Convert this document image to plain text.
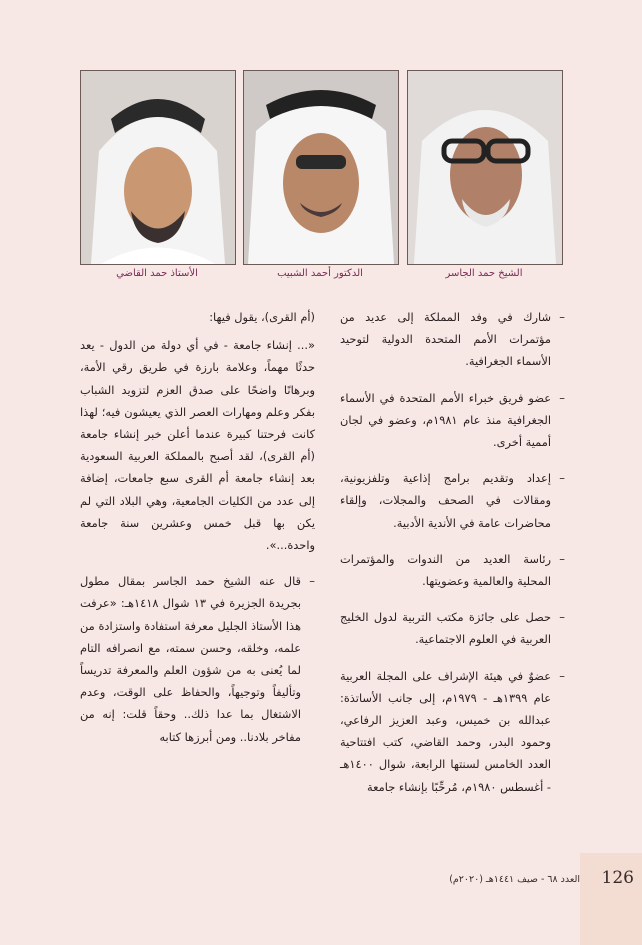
الأستاذ حمد القاضي	الدكتور أحمد الشبيب	الشيخ حمد الجاسر
– شارك في وفد المملكة إلى عديد من مؤتمرات الأمم المتحدة الدولية لتوحيد الأسماء الجغرافية.
– عضو فريق خبراء الأمم المتحدة في الأسماء الجغرافية منذ عام ١٩٨١م، وعضو في لجان أممية أخرى.
– إعداد وتقديم برامج إذاعية وتلفزيونية، ومقالات في الصحف والمجلات، وإلقاء محاضرات عامة في الأندية الأدبية.
– رئاسة العديد من الندوات والمؤتمرات المحلية والعالمية وعضويتها.
– حصل على جائزة مكتب التربية لدول الخليج العربية في العلوم الاجتماعية.
– عضوٌ في هيئة الإشراف على المجلة العربية عام ١٣٩٩هـ - ١٩٧٩م، إلى جانب الأساتذة: عبدالله بن خميس، وعبد العزيز الرفاعي، وحمود البدر، وحمد القاضي، كتب افتتاحية العدد الخامس لسنتها الرابعة، شوال ١٤٠٠هـ - أغسطس ١٩٨٠م، مُرحِّبًا بإنشاء جامعة

(أم القرى)، يقول فيها:

«... إنشاء جامعة - في أي دولة من الدول - يعد حدثًا مهماً، وعلامة بارزة في طريق رقي الأمة، وبرهانًا واضحًا على صدق العزم لتزويد الشباب بفكر وعلم ومهارات العصر الذي يعيشون فيه؛ لهذا كانت فرحتنا كبيرة عندما أعلن خبر إنشاء جامعة (أم القرى)، لقد أصبح بالمملكة العربية السعودية بعد إنشاء جامعة أم القرى سبع جامعات، إضافة إلى عدد من الكليات الجامعية، وهي البلاد التي لم يكن بها قبل خمس وعشرين سنة جامعة واحدة...».

– قال عنه الشيخ حمد الجاسر بمقال مطول بجريدة الجزيرة في ١٣ شوال ١٤١٨هـ: «عرفت هذا الأستاذ الجليل معرفة استفادة واستزادة من علمه، وخلقه، وحسن سمته، مع انصرافه التام لما يُعنى به من شؤون العلم والمعرفة تدريساً وتأليفاً وتوجيهاً، والحفاظ على الوقت، وعدم الاشتغال بما عدا ذلك.. وحقاً قلت: إنه من مفاخر بلادنا.. ومن أبرزها كتابه
126
العدد ٦٨ - صيف ١٤٤١هـ (٢٠٢٠م)
